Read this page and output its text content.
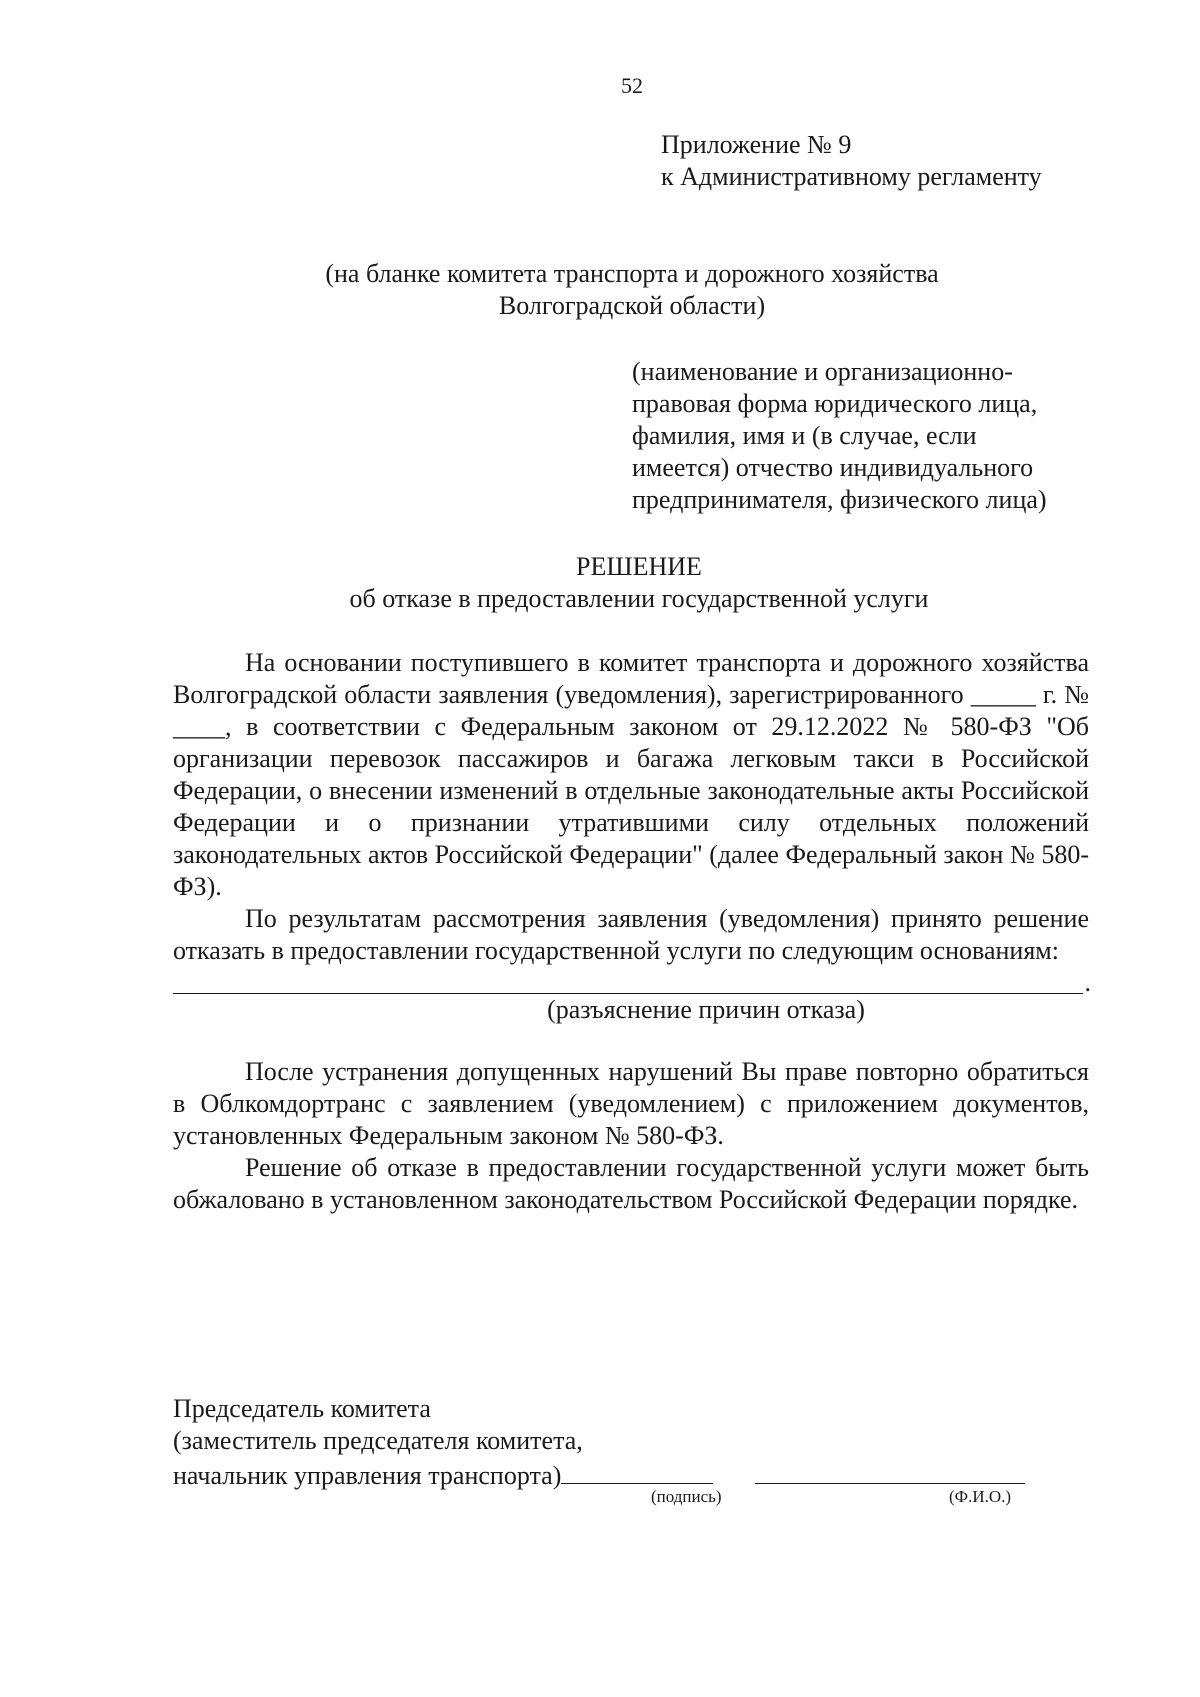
52
Приложение № 9
к Административному регламенту
(на бланке комитета транспорта и дорожного хозяйства
Волгоградской области)
(наименование и организационно-
правовая форма юридического лица,
фамилия, имя и (в случае, если
имеется) отчество индивидуального
предпринимателя, физического лица)
РЕШЕНИЕ
об отказе в предоставлении государственной услуги

На основании поступившего в комитет транспорта и дорожного хозяйства Волгоградской области заявления (уведомления), зарегистрированного _____ г. № ____, в соответствии с Федеральным законом от 29.12.2022 № 580-ФЗ "Об организации перевозок пассажиров и багажа легковым такси в Российской Федерации, о внесении изменений в отдельные законодательные акты Российской Федерации и о признании утратившими силу отдельных положений законодательных актов Российской Федерации" (далее Федеральный закон № 580-ФЗ).

По результатам рассмотрения заявления (уведомления) принято решение отказать в предоставлении государственной услуги по следующим основаниям:

.
(разъяснение причин отказа)

После устранения допущенных нарушений Вы праве повторно обратиться в Облкомдортранс с заявлением (уведомлением) с приложением документов, установленных Федеральным законом № 580-ФЗ.

Решение об отказе в предоставлении государственной услуги может быть обжаловано в установленном законодательством Российской Федерации порядке.

Председатель комитета
(заместитель председателя комитета,
начальник управления транспорта)
(подпись)	(Ф.И.О.)
